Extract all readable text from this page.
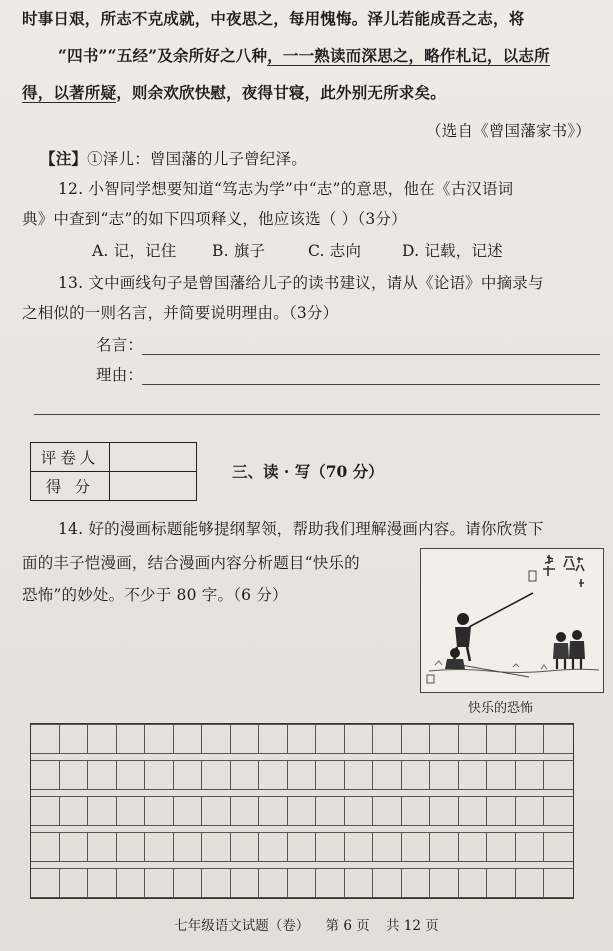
时事日艰，所志不克成就，中夜思之，每用愧悔。泽儿若能成吾之志，将
“四书”“五经”及余所好之八种，一一熟读而深思之，略作札记，以志所
得，以著所疑，则余欢欣快慰，夜得甘寝，此外别无所求矣。
（选自《曾国藩家书》）
【注】①泽儿：曾国藩的儿子曾纪泽。
12. 小智同学想要知道“笃志为学”中“志”的意思，他在《古汉语词
典》中查到“志”的如下四项释义，他应该选（ ）（3分）
A. 记，记住 B. 旗子	C. 志向	D. 记载，记述
13. 文中画线句子是曾国藩给儿子的读书建议，请从《论语》中摘录与
之相似的一则名言，并简要说明理由。（3分）
名言：
理由：
评卷人	
得 分	
三、读 · 写（70 分）
14. 好的漫画标题能够提纲挈领，帮助我们理解漫画内容。请你欣赏下
面的丰子恺漫画，结合漫画内容分析题目“快乐的
恐怖”的妙处。不少于 80 字。（6 分）
快乐的恐怖
七年级语文试题（卷） 第 6 页 共 12 页
